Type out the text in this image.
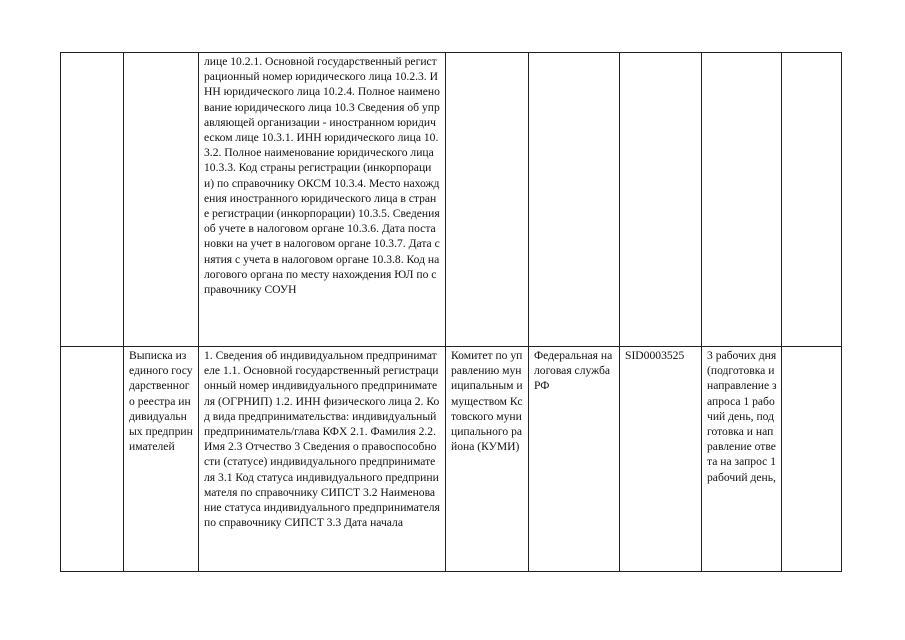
		лице 10.2.1. Основной государственный регистрационный номер юридического лица 10.2.3. ИНН юридического лица 10.2.4. Полное наименование юридического лица 10.3 Сведения об управляющей организации - иностранном юридическом лице 10.3.1. ИНН юридического лица 10.3.2. Полное наименование юридического лица 10.3.3. Код страны регистрации (инкорпорации) по справочнику ОКСМ 10.3.4. Место нахождения иностранного юридического лица в стране регистрации (инкорпорации) 10.3.5. Сведения об учете в налоговом органе 10.3.6. Дата постановки на учет в налоговом органе 10.3.7. Дата снятия с учета в налоговом органе 10.3.8. Код налогового органа по месту нахождения ЮЛ по справочнику СОУН					
	Выписка из единого государственного реестра индивидуальных предпринимателей	1. Сведения об индивидуальном предпринимателе 1.1. Основной государственный регистрационный номер индивидуального предпринимателя (ОГРНИП) 1.2. ИНН физического лица 2. Код вида предпринимательства: индивидуальный предприниматель/глава КФХ 2.1. Фамилия 2.2. Имя 2.3 Отчество 3 Сведения о правоспособности (статусе) индивидуального предпринимателя 3.1 Код статуса индивидуального предпринимателя по справочнику СИПСТ 3.2 Наименование статуса индивидуального предпринимателя по справочнику СИПСТ 3.3 Дата начала	Комитет по управлению муниципальным имуществом Кстовского муниципального района (КУМИ)	Федеральная налоговая служба РФ	SID0003525	3 рабочих дня (подготовка и направление запроса 1 рабочий день, подготовка и направление ответа на запрос 1 рабочий день,	
